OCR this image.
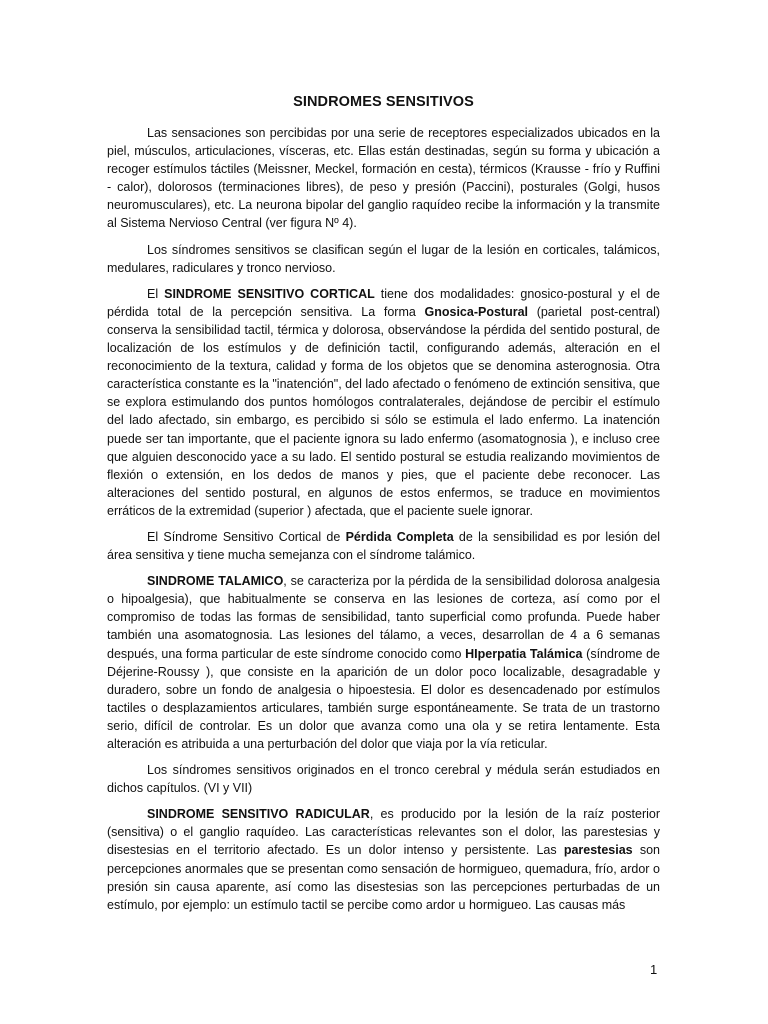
SINDROMES SENSITIVOS

Las sensaciones son percibidas por una serie de receptores especializados ubicados en la piel, músculos, articulaciones, vísceras, etc. Ellas están destinadas, según su forma y ubicación a recoger estímulos táctiles (Meissner, Meckel, formación en cesta), térmicos (Krausse - frío y Ruffini - calor), dolorosos (terminaciones libres), de peso y presión (Paccini), posturales (Golgi, husos neuromusculares), etc. La neurona bipolar del ganglio raquídeo recibe la información y la transmite al Sistema Nervioso Central (ver figura Nº 4).

Los síndromes sensitivos se clasifican según el lugar de la lesión en corticales, talámicos, medulares, radiculares y tronco nervioso.

El SINDROME SENSITIVO CORTICAL tiene dos modalidades: gnosico-postural y el de pérdida total de la percepción sensitiva. La forma Gnosica-Postural (parietal post-central) conserva la sensibilidad tactil, térmica y dolorosa, observándose la pérdida del sentido postural, de localización de los estímulos y de definición tactil, configurando además, alteración en el reconocimiento de la textura, calidad y forma de los objetos que se denomina asterognosia. Otra característica constante es la "inatención", del lado afectado o fenómeno de extinción sensitiva, que se explora estimulando dos puntos homólogos contralaterales, dejándose de percibir el estímulo del lado afectado, sin embargo, es percibido si sólo se estimula el lado enfermo. La inatención puede ser tan importante, que el paciente ignora su lado enfermo (asomatognosia ), e incluso cree que alguien desconocido yace a su lado. El sentido postural se estudia realizando movimientos de flexión o extensión, en los dedos de manos y pies, que el paciente debe reconocer. Las alteraciones del sentido postural, en algunos de estos enfermos, se traduce en movimientos erráticos de la extremidad (superior ) afectada, que el paciente suele ignorar.

El Síndrome Sensitivo Cortical de Pérdida Completa de la sensibilidad es por lesión del área sensitiva y tiene mucha semejanza con el síndrome talámico.

SINDROME TALAMICO, se caracteriza por la pérdida de la sensibilidad dolorosa analgesia o hipoalgesia), que habitualmente se conserva en las lesiones de corteza, así como por el compromiso de todas las formas de sensibilidad, tanto superficial como profunda. Puede haber también una asomatognosia. Las lesiones del tálamo, a veces, desarrollan de 4 a 6 semanas después, una forma particular de este síndrome conocido como HIperpatia Talámica (síndrome de Déjerine-Roussy ), que consiste en la aparición de un dolor poco localizable, desagradable y duradero, sobre un fondo de analgesia o hipoestesia. El dolor es desencadenado por estímulos tactiles o desplazamientos articulares, también surge espontáneamente. Se trata de un trastorno serio, difícil de controlar. Es un dolor que avanza como una ola y se retira lentamente. Esta alteración es atribuida a una perturbación del dolor que viaja por la vía reticular.

Los síndromes sensitivos originados en el tronco cerebral y médula serán estudiados en dichos capítulos. (VI y VII)

SINDROME SENSITIVO RADICULAR, es producido por la lesión de la raíz posterior (sensitiva) o el ganglio raquídeo. Las características relevantes son el dolor, las parestesias y disestesias en el territorio afectado. Es un dolor intenso y persistente. Las parestesias son percepciones anormales que se presentan como sensación de hormigueo, quemadura, frío, ardor o presión sin causa aparente, así como las disestesias son las percepciones perturbadas de un estímulo, por ejemplo: un estímulo tactil se percibe como ardor u hormigueo. Las causas más

1
